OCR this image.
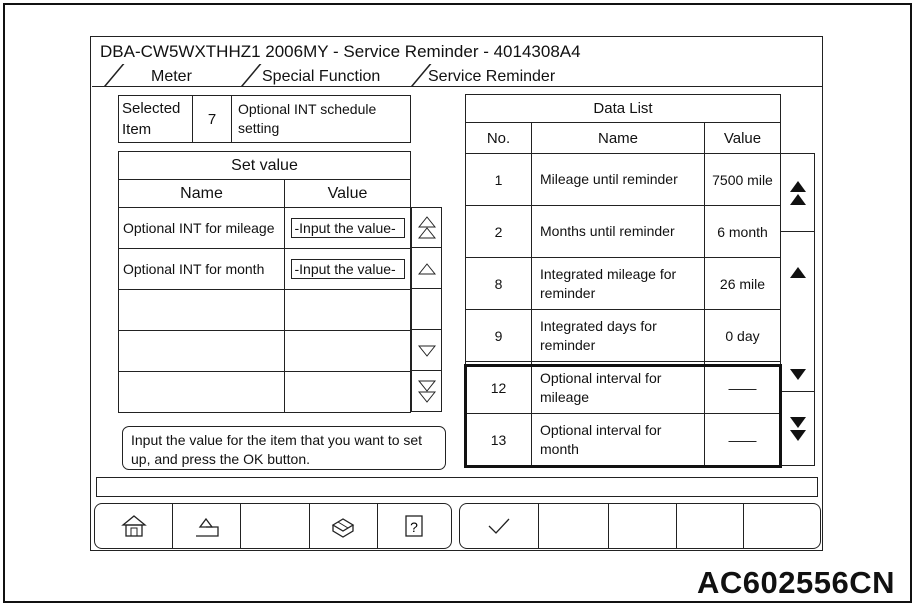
DBA-CW5WXTHHZ1 2006MY - Service Reminder - 4014308A4
Meter	Special Function	Service Reminder
Selected Item	7	Optional INT schedule setting
Set value	
Name	Value
Optional INT for mileage	-Input the value-

Optional INT for month	-Input the value-

Input the value for the item that you want to set up, and press the OK button.
Data List		
No.	Name	Value
1	Mileage until reminder	7500 mile
2	Months until reminder	6 month
8	Integrated mileage for reminder	26 mile
9	Integrated days for reminder	0 day
12	Optional interval for mileage	——
13	Optional interval for month	——
?
AC602556CN
